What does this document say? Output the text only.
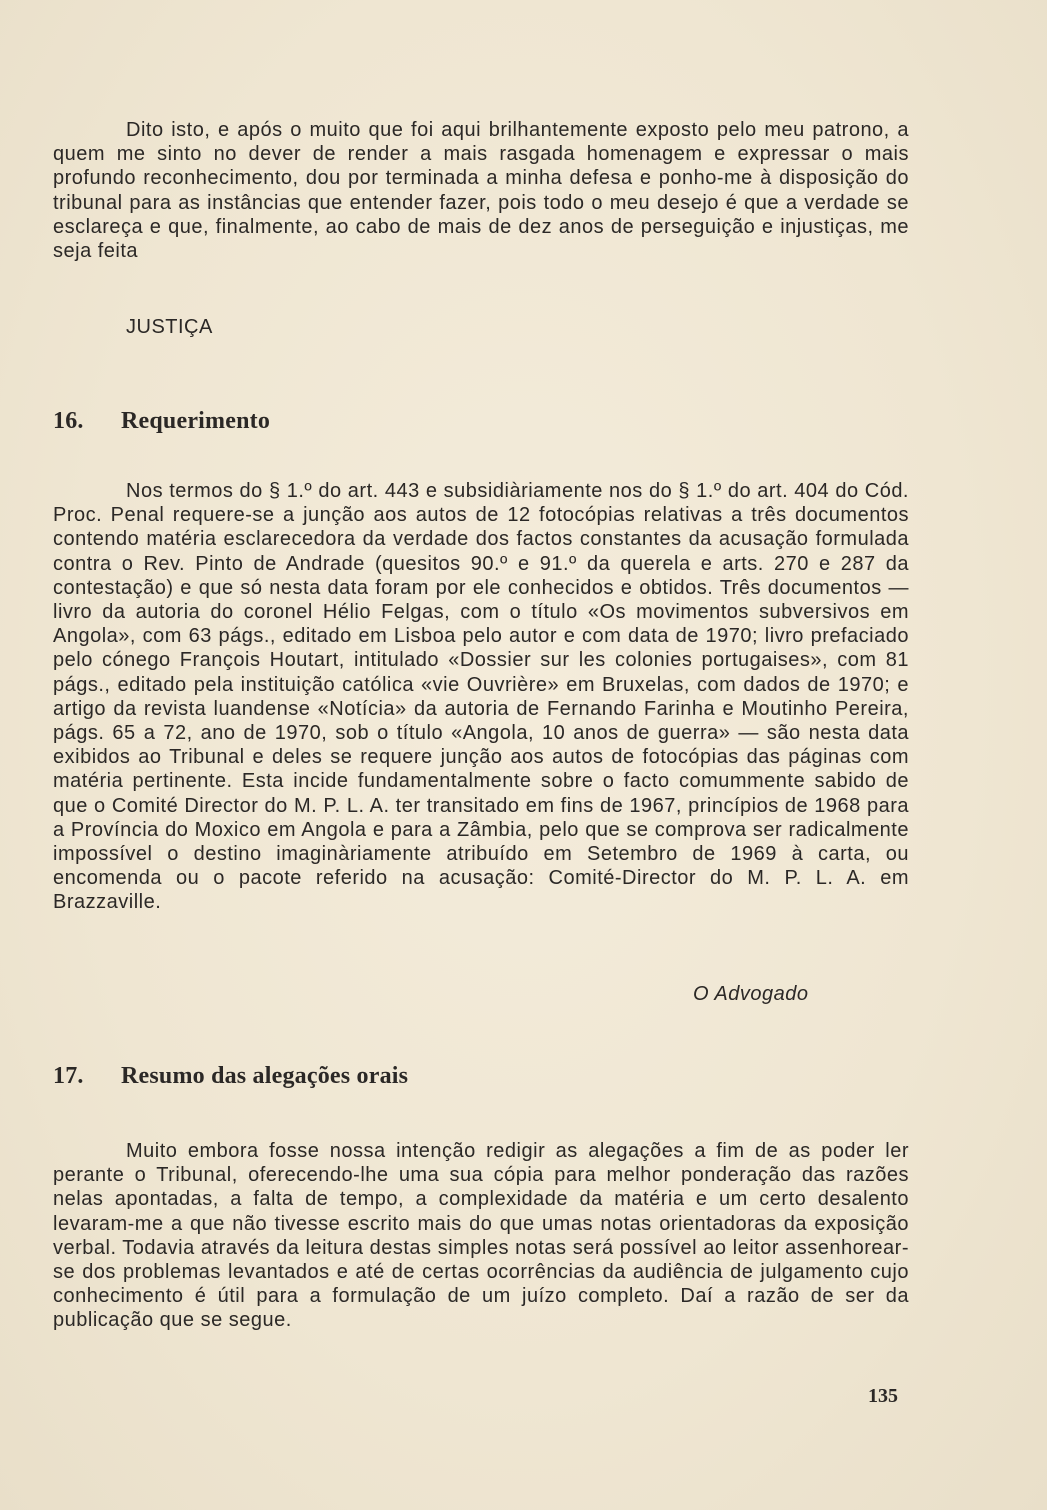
Dito isto, e após o muito que foi aqui brilhantemente exposto pelo meu patrono, a quem me sinto no dever de render a mais rasgada homenagem e expressar o mais profundo reconhecimento, dou por terminada a minha defesa e ponho-me à disposição do tribunal para as instâncias que entender fazer, pois todo o meu desejo é que a verdade se esclareça e que, finalmente, ao cabo de mais de dez anos de perseguição e injustiças, me seja feita

JUSTIÇA

16. Requerimento

Nos termos do § 1.º do art. 443 e subsidiàriamente nos do § 1.º do art. 404 do Cód. Proc. Penal requere-se a junção aos autos de 12 fotocópias relativas a três documentos contendo matéria esclarecedora da verdade dos factos constantes da acusação formulada contra o Rev. Pinto de Andrade (quesitos 90.º e 91.º da querela e arts. 270 e 287 da contestação) e que só nesta data foram por ele conhecidos e obtidos. Três documentos — livro da autoria do coronel Hélio Felgas, com o título «Os movimentos subversivos em Angola», com 63 págs., editado em Lisboa pelo autor e com data de 1970; livro prefaciado pelo cónego François Houtart, intitulado «Dossier sur les colonies portugaises», com 81 págs., editado pela instituição católica «vie Ouvrière» em Bruxelas, com dados de 1970; e artigo da revista luandense «Notícia» da autoria de Fernando Farinha e Moutinho Pereira, págs. 65 a 72, ano de 1970, sob o título «Angola, 10 anos de guerra» — são nesta data exibidos ao Tribunal e deles se requere junção aos autos de fotocópias das páginas com matéria pertinente. Esta incide fundamentalmente sobre o facto comummente sabido de que o Comité Director do M. P. L. A. ter transitado em fins de 1967, princípios de 1968 para a Província do Moxico em Angola e para a Zâmbia, pelo que se comprova ser radicalmente impossível o destino imaginàriamente atribuído em Setembro de 1969 à carta, ou encomenda ou o pacote referido na acusação: Comité-Director do M. P. L. A. em Brazzaville.

O Advogado

17. Resumo das alegações orais

Muito embora fosse nossa intenção redigir as alegações a fim de as poder ler perante o Tribunal, oferecendo-lhe uma sua cópia para melhor ponderação das razões nelas apontadas, a falta de tempo, a complexidade da matéria e um certo desalento levaram-me a que não tivesse escrito mais do que umas notas orientadoras da exposição verbal. Todavia através da leitura destas simples notas será possível ao leitor assenhorear-se dos problemas levantados e até de certas ocorrências da audiência de julgamento cujo conhecimento é útil para a formulação de um juízo completo. Daí a razão de ser da publicação que se segue.

135
